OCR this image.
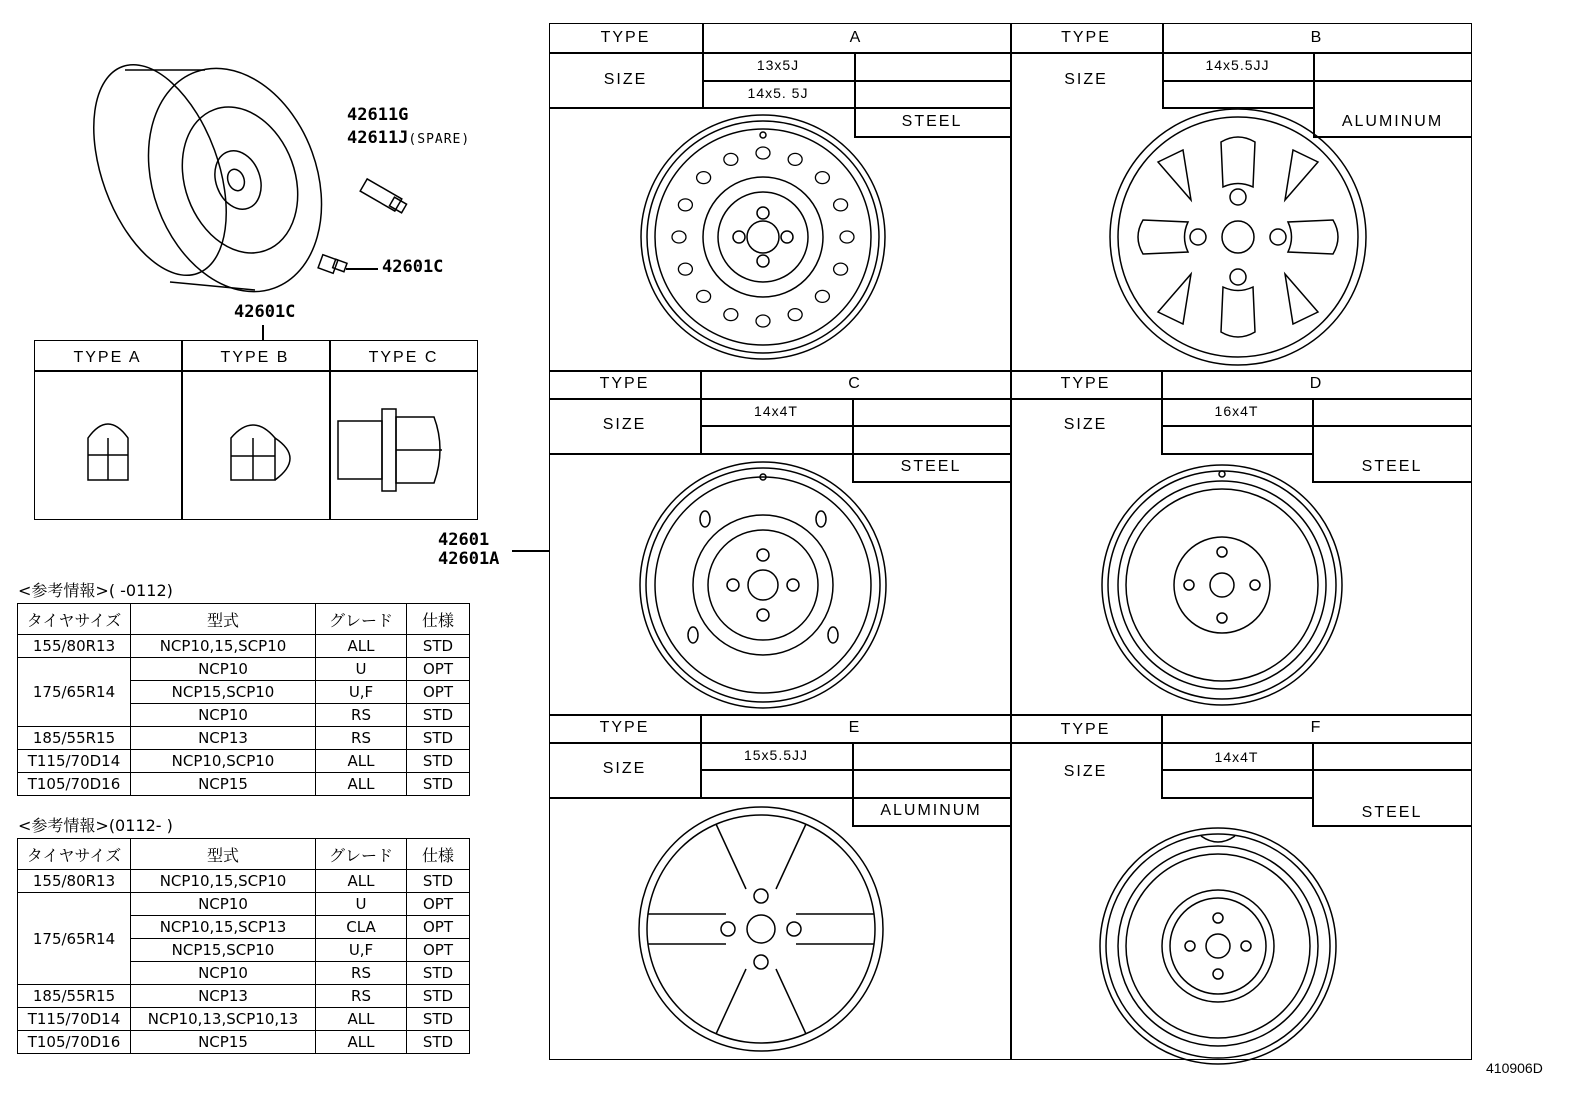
42611G
42611J(SPARE)
42601C
42601C
TYPE A	TYPE B	TYPE C
<参考情報>( -0112)
タイヤサイズ	型式	グレード	仕様
155/80R13	NCP10,15,SCP10	ALL	STD
175/65R14	NCP10	U	OPT
	NCP15,SCP10	U,F	OPT
	NCP10	RS	STD
185/55R15	NCP13	RS	STD
T115/70D14	NCP10,SCP10	ALL	STD
T105/70D16	NCP15	ALL	STD
<参考情報>(0112- )
タイヤサイズ	型式	グレード	仕様
155/80R13	NCP10,15,SCP10	ALL	STD
175/65R14	NCP10	U	OPT
	NCP10,15,SCP13	CLA	OPT
	NCP15,SCP10	U,F	OPT
	NCP10	RS	STD
185/55R15	NCP13	RS	STD
T115/70D14	NCP10,13,SCP10,13	ALL	STD
T105/70D16	NCP15	ALL	STD
42601
42601A
TYPE	A
SIZE
13x5J
14x5. 5J
STEEL
TYPE	B
SIZE
14x5.5JJ
ALUMINUM
TYPE	C
SIZE
14x4T
STEEL
TYPE	D
SIZE
16x4T
STEEL
TYPE	E
SIZE
15x5.5JJ
ALUMINUM
TYPE	F
SIZE
14x4T
STEEL
410906D
